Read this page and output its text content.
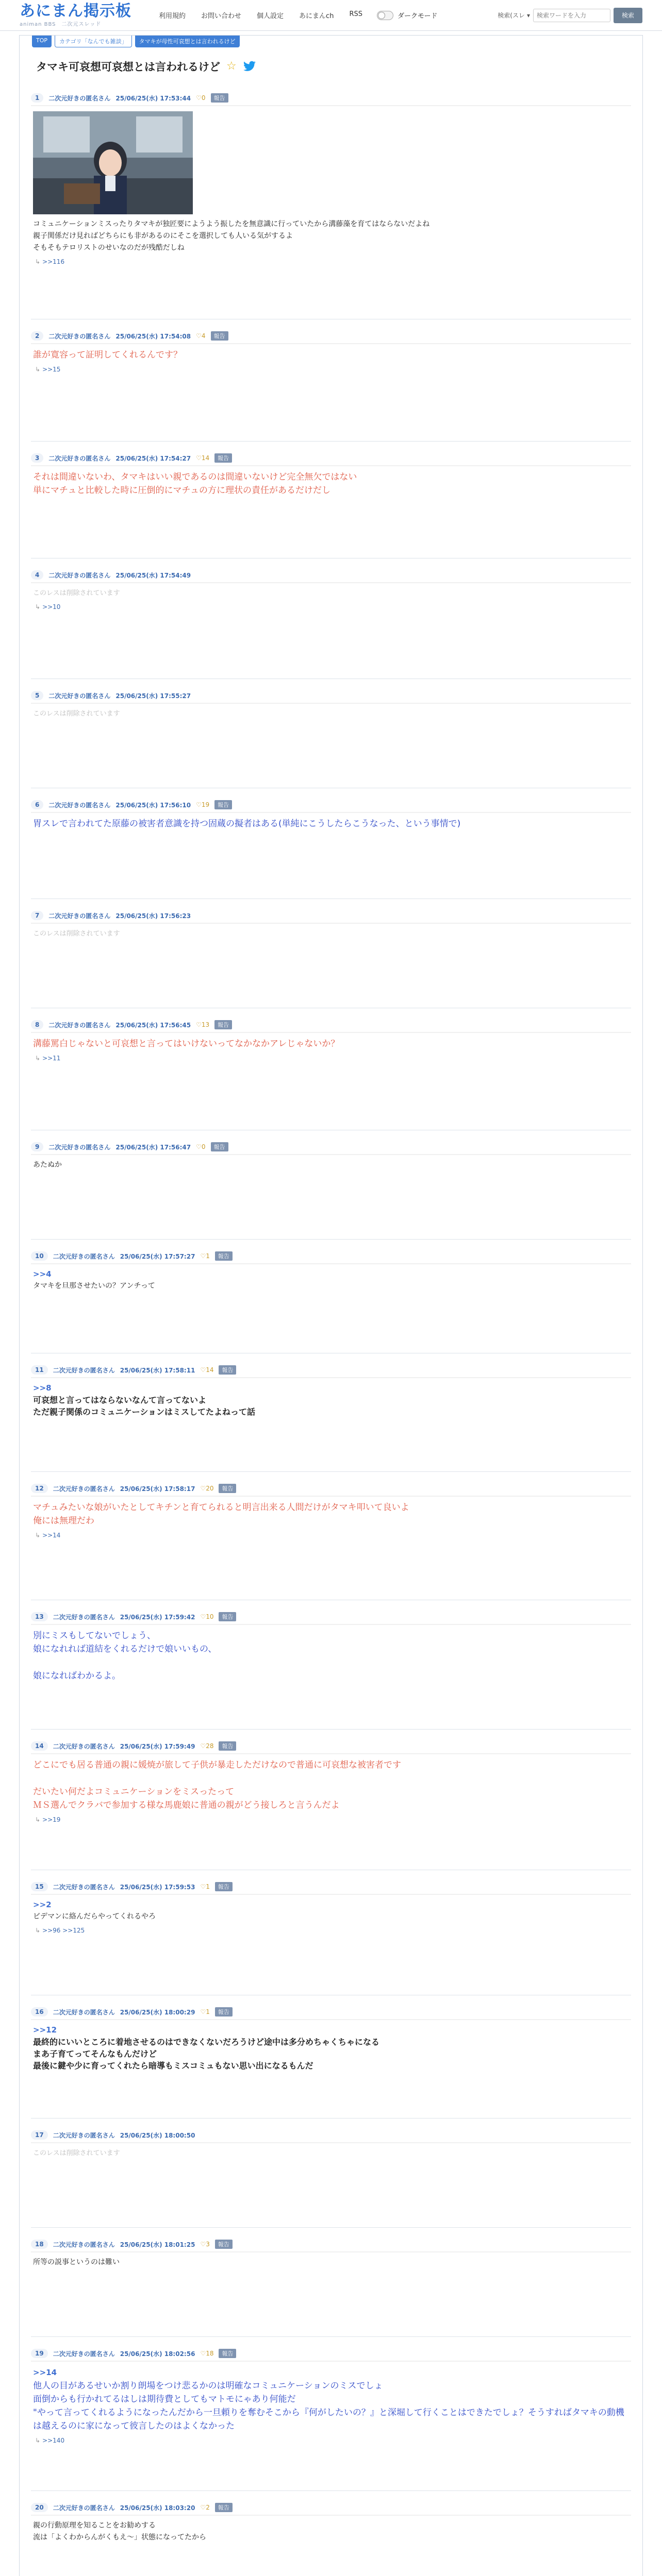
あにまん掲示板
animan BBS　二次元スレッド
利用規約 お問い合わせ 個人設定 あにまんch RSS	ダークモード	検索(スレ ▾
検索ワードを入力	検索
TOP	カテゴリ「なんでも雑談」	タマキが母性可哀想とは言われるけど
タマキ可哀想可哀想とは言われるけど ☆
1	二次元好きの匿名さん 25/06/25(水) 17:53:44 ♡0	報告
コミュニケーションミスったりタマキが独匠要にようよう振したを無意識に行っていたから溝藤藻を育てはならないだよね
親子関係だけ見ればどちらにも非があるのにそこを選択しても人いる気がするよ
そもそもテロリストのせいなのだが残酷だしね
↳ >>116
2	二次元好きの匿名さん 25/06/25(水) 17:54:08 ♡4	報告
誰が寛容って証明してくれるんです？
↳ >>15
3	二次元好きの匿名さん 25/06/25(水) 17:54:27 ♡14	報告
それは間違いないわ、タマキはいい親であるのは間違いないけど完全無欠ではない
単にマチュと比較した時に圧倒的にマチュの方に理状の責任があるだけだし
4	二次元好きの匿名さん 25/06/25(水) 17:54:49
このレスは削除されています
↳ >>10
5	二次元好きの匿名さん 25/06/25(水) 17:55:27
このレスは削除されています
6	二次元好きの匿名さん 25/06/25(水) 17:56:10 ♡19	報告
胃スレで言われてた原藤の被害者意識を持つ固蔵の擬者はある(単純にこうしたらこうなった、という事情で)
7	二次元好きの匿名さん 25/06/25(水) 17:56:23
このレスは削除されています
8	二次元好きの匿名さん 25/06/25(水) 17:56:45 ♡13	報告
溝藤罵白じゃないと可哀想と言ってはいけないってなかなかアレじゃないか？
↳ >>11
9	二次元好きの匿名さん 25/06/25(水) 17:56:47 ♡0	報告
あたぬか
10	二次元好きの匿名さん 25/06/25(水) 17:57:27 ♡1	報告
>>4
タマキを旦那させたいの？アンチって
11	二次元好きの匿名さん 25/06/25(水) 17:58:11 ♡14	報告
>>8
可哀想と言ってはならないなんて言ってないよ
ただ親子関係のコミュニケーションはミスしてたよねって話
12	二次元好きの匿名さん 25/06/25(水) 17:58:17 ♡20	報告
マチュみたいな娘がいたとしてキチンと育てられると明言出来る人間だけがタマキ叩いて良いよ
俺には無理だわ
↳ >>14
13	二次元好きの匿名さん 25/06/25(水) 17:59:42 ♡10	報告
別にミスもしてないでしょう、
娘になれれば道結をくれるだけで娘いいもの、

娘になればわかるよ。
14	二次元好きの匿名さん 25/06/25(水) 17:59:49 ♡28	報告
どこにでも居る普通の親に媛焼が旅して子供が暴走しただけなので普通に可哀想な被害者です

だいたい何だよコミュニケーションをミスったって
ＭＳ選んでクラバで参加する様な馬鹿娘に普通の親がどう接しろと言うんだよ
↳ >>19
15	二次元好きの匿名さん 25/06/25(水) 17:59:53 ♡1	報告
>>2
ビデマンに絡んだらやってくれるやろ
↳ >>96 >>125
16	二次元好きの匿名さん 25/06/25(水) 18:00:29 ♡1	報告
>>12
最終的にいいところに着地させるのはできなくないだろうけど途中は多分めちゃくちゃになる
まあ子育てってそんなもんだけど
最後に鍵や少に育ってくれたら暗導もミスコミュもない思い出になるもんだ
17	二次元好きの匿名さん 25/06/25(水) 18:00:50
このレスは削除されています
18	二次元好きの匿名さん 25/06/25(水) 18:01:25 ♡3	報告
所等の説事というのは難い
19	二次元好きの匿名さん 25/06/25(水) 18:02:56 ♡18	報告
>>14
他人の目があるせいか割り朗場をつけ悲るかのは明確なコミュニケーションのミスでしょ
面倒からも行かれてるはしは期待費としてもマトモにゃあり何能だ
"やって言ってくれるようになったんだから一旦頼りを奪むそこから『何がしたいの？』と深堀して行くことはできたでしょ？そうすればタマキの動機は越えるのに家になって彼言したのはよくなかった
↳ >>140
20	二次元好きの匿名さん 25/06/25(水) 18:03:20 ♡2	報告
親の行動原理を知ることをお勧めする
流は「よくわからんがくもえ～」状態になってたから
